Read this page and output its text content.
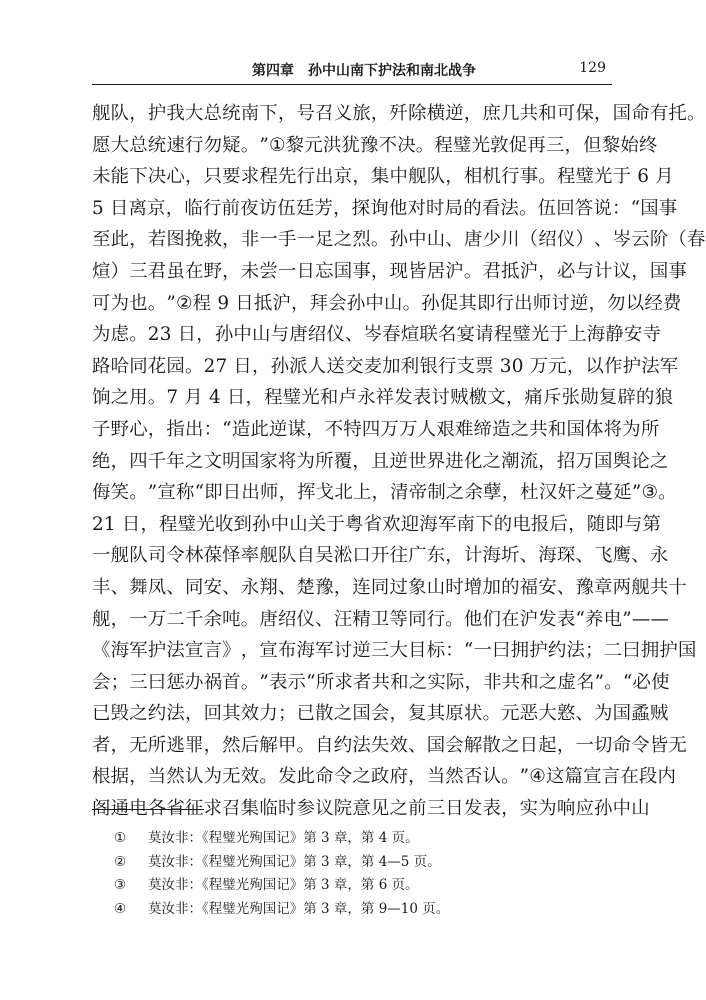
第四章　孙中山南下护法和南北战争	129
舰 队 ， 护 我 大 总 统 南 下 ， 号 召 义 旅 ， 歼 除 横 逆 ， 庶 几 共 和 可 保 ， 国 命 有 托 。
愿 大 总 统 速 行 勿 疑 。 ” ① 黎 元 洪 犹 豫 不 决 。 程 璧 光 敦 促 再 三 ， 但 黎 始 终
未 能 下 决 心 ， 只 要 求 程 先 行 出 京 ， 集 中 舰 队 ， 相 机 行 事 。 程 璧 光 于
6
月
5
日 离 京 ， 临 行 前 夜 访 伍 廷 芳 ， 探 询 他 对 时 局 的 看 法 。 伍 回 答 说 ： “ 国 事
至 此 ， 若 图 挽 救 ， 非 一 手 一 足 之 烈 。 孙 中 山 、 唐 少 川 （ 绍 仪 ） 、 岑 云 阶 （ 春
煊 ） 三 君 虽 在 野 ， 未 尝 一 日 忘 国 事 ， 现 皆 居 沪 。 君 抵 沪 ， 必 与 计 议 ， 国 事
可 为 也 。 ” ② 程
9
日 抵 沪 ， 拜 会 孙 中 山 。 孙 促 其 即 行 出 师 讨 逆 ， 勿 以 经 费
为 虑 。 2 3
日 ， 孙 中 山 与 唐 绍 仪 、 岑 春 煊 联 名 宴 请 程 璧 光 于 上 海 静 安 寺
路 哈 同 花 园 。 2 7
日 ， 孙 派 人 送 交 麦 加 利 银 行 支 票
3 0
万 元 ， 以 作 护 法 军
饷 之 用 。 7
月
4
日 ， 程 璧 光 和 卢 永 祥 发 表 讨 贼 檄 文 ， 痛 斥 张 勋 复 辟 的 狼
子 野 心 ， 指 出 ： “ 造 此 逆 谋 ， 不 特 四 万 万 人 艰 难 缔 造 之 共 和 国 体 将 为 所
绝 ， 四 千 年 之 文 明 国 家 将 为 所 覆 ， 且 逆 世 界 进 化 之 潮 流 ， 招 万 国 舆 论 之
侮 笑 。 ” 宣 称 “ 即 日 出 师 ， 挥 戈 北 上 ， 清 帝 制 之 余 孽 ， 杜 汉 奸 之 蔓 延 ” ③ 。
2 1
日 ， 程 璧 光 收 到 孙 中 山 关 于 粤 省 欢 迎 海 军 南 下 的 电 报 后 ， 随 即 与 第
一 舰 队 司 令 林 葆 怿 率 舰 队 自 吴 淞 口 开 往 广 东 ， 计 海 圻 、 海 琛 、 飞 鹰 、 永
丰 、 舞 凤 、 同 安 、 永 翔 、 楚 豫 ， 连 同 过 象 山 时 增 加 的 福 安 、 豫 章 两 舰 共 十
舰 ， 一 万 二 千 余 吨 。 唐 绍 仪 、 汪 精 卫 等 同 行 。 他 们 在 沪 发 表 “ 养 电 ” — —
《 海 军 护 法 宣 言 》 ， 宣 布 海 军 讨 逆 三 大 目 标 ： “ 一 曰 拥 护 约 法 ； 二 曰 拥 护 国
会 ； 三 曰 惩 办 祸 首 。 ” 表 示 “ 所 求 者 共 和 之 实 际 ， 非 共 和 之 虚 名 ” 。 “ 必 使
已 毁 之 约 法 ， 回 其 效 力 ； 已 散 之 国 会 ， 复 其 原 状 。 元 恶 大 憝 、 为 国 蟊 贼
者 ， 无 所 逃 罪 ， 然 后 解 甲 。 自 约 法 失 效 、 国 会 解 散 之 日 起 ， 一 切 命 令 皆 无
根 据 ， 当 然 认 为 无 效 。 发 此 命 令 之 政 府 ， 当 然 否 认 。 ” ④ 这 篇 宣 言 在 段 内
阁 通 电 各 省 征 求 召 集 临 时 参 议 院 意 见 之 前 三 日 发 表 ， 实 为 响 应 孙 中 山
① 莫汝非：《程璧光殉国记》第 3 章，第 4 页。
② 莫汝非：《程璧光殉国记》第 3 章，第 4—5 页。
③ 莫汝非：《程璧光殉国记》第 3 章，第 6 页。
④ 莫汝非：《程璧光殉国记》第 3 章，第 9—10 页。
